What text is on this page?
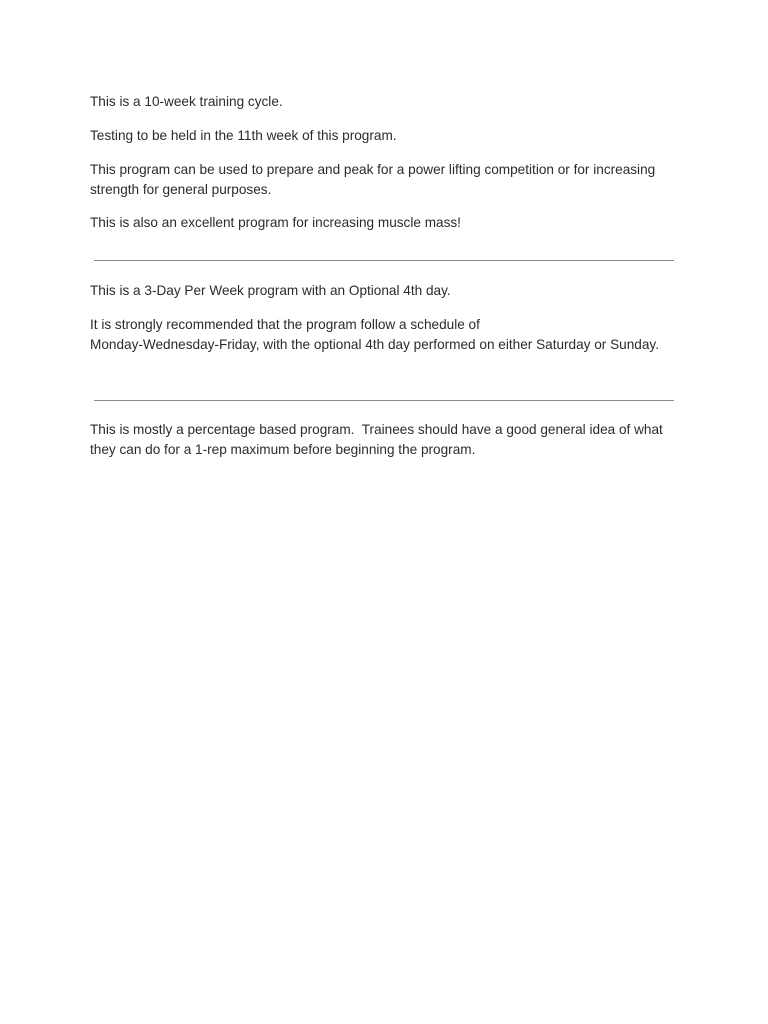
This is a 10-week training cycle.

Testing to be held in the 11th week of this program.

This program can be used to prepare and peak for a power lifting competition or for increasing strength for general purposes.

This is also an excellent program for increasing muscle mass!

This is a 3-Day Per Week program with an Optional 4th day.

It is strongly recommended that the program follow a schedule of

Monday-Wednesday-Friday, with the optional 4th day performed on either Saturday or Sunday.

This is mostly a percentage based program.  Trainees should have a good general idea of what they can do for a 1-rep maximum before beginning the program.
